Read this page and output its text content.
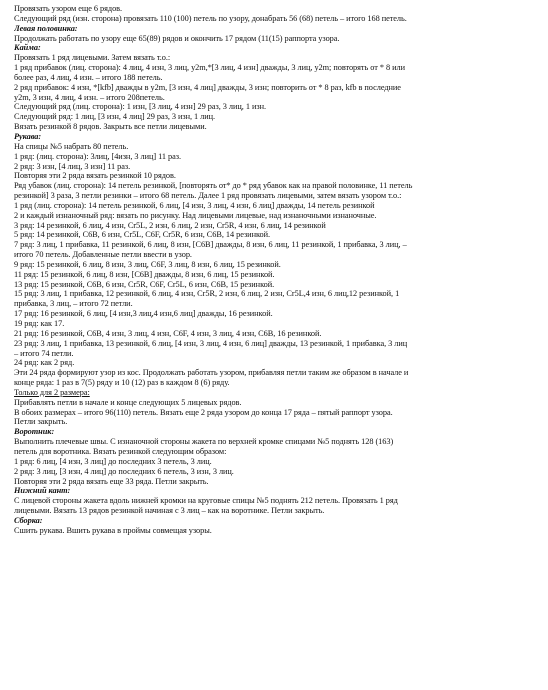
Провязать узором еще 6 рядов.
Следующий ряд (изн. сторона) провязать 110 (100) петель по узору, донабрать 56 (68) петель – итого 168 петель.
Левая половинка:
Продолжать работать по узору еще 65(89) рядов и окончить 17 рядом (11(15) раппорта узора.
Кайма:
Провязать 1 ряд лицевыми. Затем вязать т.о.:
1 ряд прибавок (лиц. сторона): 4 лиц, 4 изн, 3 лиц, y2m,*[3 лиц, 4 изн] дважды, 3 лиц, y2m; повторять от * 8 или
более раз, 4 лиц, 4 изн. – итого 188 петель.
2 ряд прибавок: 4 изн, *[kfb] дважды в y2m, [3 изн, 4 лиц] дважды, 3 изн; повторить от * 8 раз, kfb в последние
y2m, 3 изн, 4 лиц, 4 изн. – итого 208петель.
Следующий ряд (лиц. сторона): 1 изн, [3 лиц, 4 изн] 29 раз, 3 лиц, 1 изн.
Следующий ряд: 1 лиц, [3 изн, 4 лиц] 29 раз, 3 изн, 1 лиц.
Вязать резинкой 8 рядов. Закрыть все петли лицевыми.
Рукава:
На спицы №5 набрать 80 петель.
1 ряд: (лиц. сторона): 3лиц, [4изн, 3 лиц] 11 раз.
2 ряд: 3 изн, [4 лиц, 3 изн] 11 раз.
Повторяя эти 2 ряда вязать резинкой 10 рядов.
Ряд убавок (лиц. сторона): 14 петель резинкой, [повторять от* до * ряд убавок как на правой половинке, 11 петель
резинкой] 3 раза, 3 петли резинки – итого 68 петель. Далее 1 ряд провязать лицевыми, затем вязать узором т.о.:
1 ряд (лиц. сторона): 14 петель резинкой, 6 лиц, [4 изн, 3 лиц, 4 изн, 6 лиц] дважды, 14 петель резинкой
2 и каждый изнаночный ряд: вязать по рисунку. Над лицевыми лицевые, над изнаночными изнаночные.
3 ряд: 14 резинкой, 6 лиц, 4 изн, Cr5L, 2 изн, 6 лиц, 2 изн, Cr5R, 4 изн, 6 лиц, 14 резинкой
5 ряд: 14 резинкой, C6B, 6 изн, Cr5L, C6F, Cr5R, 6 изн, C6B, 14 резинкой.
7 ряд: 3 лиц, 1 прибавка, 11 резинкой, 6 лиц, 8 изн, [C6B] дважды, 8 изн, 6 лиц, 11 резинкой, 1 прибавка, 3 лиц, –
итого 70 петель. Добавленные петли ввести в узор.
9 ряд: 15 резинкой, 6 лиц, 8 изн, 3 лиц, C6F, 3 лиц, 8 изн, 6 лиц, 15 резинкой.
11 ряд: 15 резинкой, 6 лиц, 8 изн, [C6B] дважды, 8 изн, 6 лиц, 15 резинкой.
13 ряд: 15 резинкой, C6B, 6 изн, Cr5R, C6F, Cr5L, 6 изн, C6B, 15 резинкой.
15 ряд: 3 лиц, 1 прибавка, 12 резинкой, 6 лиц, 4 изн, Cr5R, 2 изн, 6 лиц, 2 изн, Cr5L,4 изн, 6 лиц,12 резинкой, 1
прибавка, 3 лиц, – итого 72 петли.
17 ряд: 16 резинкой, 6 лиц, [4 изн,3 лиц,4 изн,6 лиц] дважды, 16 резинкой.
19 ряд: как 17.
21 ряд: 16 резинкой, C6B, 4 изн, 3 лиц, 4 изн, C6F, 4 изн, 3 лиц, 4 изн, C6B, 16 резинкой.
23 ряд: 3 лиц, 1 прибавка, 13 резинкой, 6 лиц, [4 изн, 3 лиц, 4 изн, 6 лиц] дважды, 13 резинкой, 1 прибавка, 3 лиц
– итого 74 петли.
24 ряд: как 2 ряд.
Эти 24 ряда формируют узор из кос. Продолжать работать узором, прибавляя петли таким же образом в начале и
конце ряда: 1 раз в 7(5) ряду и 10 (12) раз в каждом 8 (6) ряду.
Только для 2 размера:
Прибавлять петли в начале и конце следующих 5 лицевых рядов.
В обоих размерах – итого 96(110) петель. Вязать еще 2 ряда узором до конца 17 ряда – пятый раппорт узора.
Петли закрыть.
Воротник:
Выполнить плечевые швы. С изнаночной стороны жакета по верхней кромке спицами №5 поднять 128 (163)
петель для воротника. Вязать резинкой следующим образом:
1 ряд: 6 лиц, [4 изн, 3 лиц] до последних 3 петель, 3 лиц.
2 ряд: 3 лиц, [3 изн, 4 лиц] до последних 6 петель, 3 изн, 3 лиц.
Повторяя эти 2 ряда вязать еще 33 ряда. Петли закрыть.
Нижний кант:
С лицевой стороны жакета вдоль нижней кромки на круговые спицы №5 поднять 212 петель. Провязать 1 ряд
лицевыми. Вязать 13 рядов резинкой начиная с 3 лиц – как на воротнике. Петли закрыть.
Сборка:
Сшить рукава. Вшить рукава в проймы совмещая узоры.
